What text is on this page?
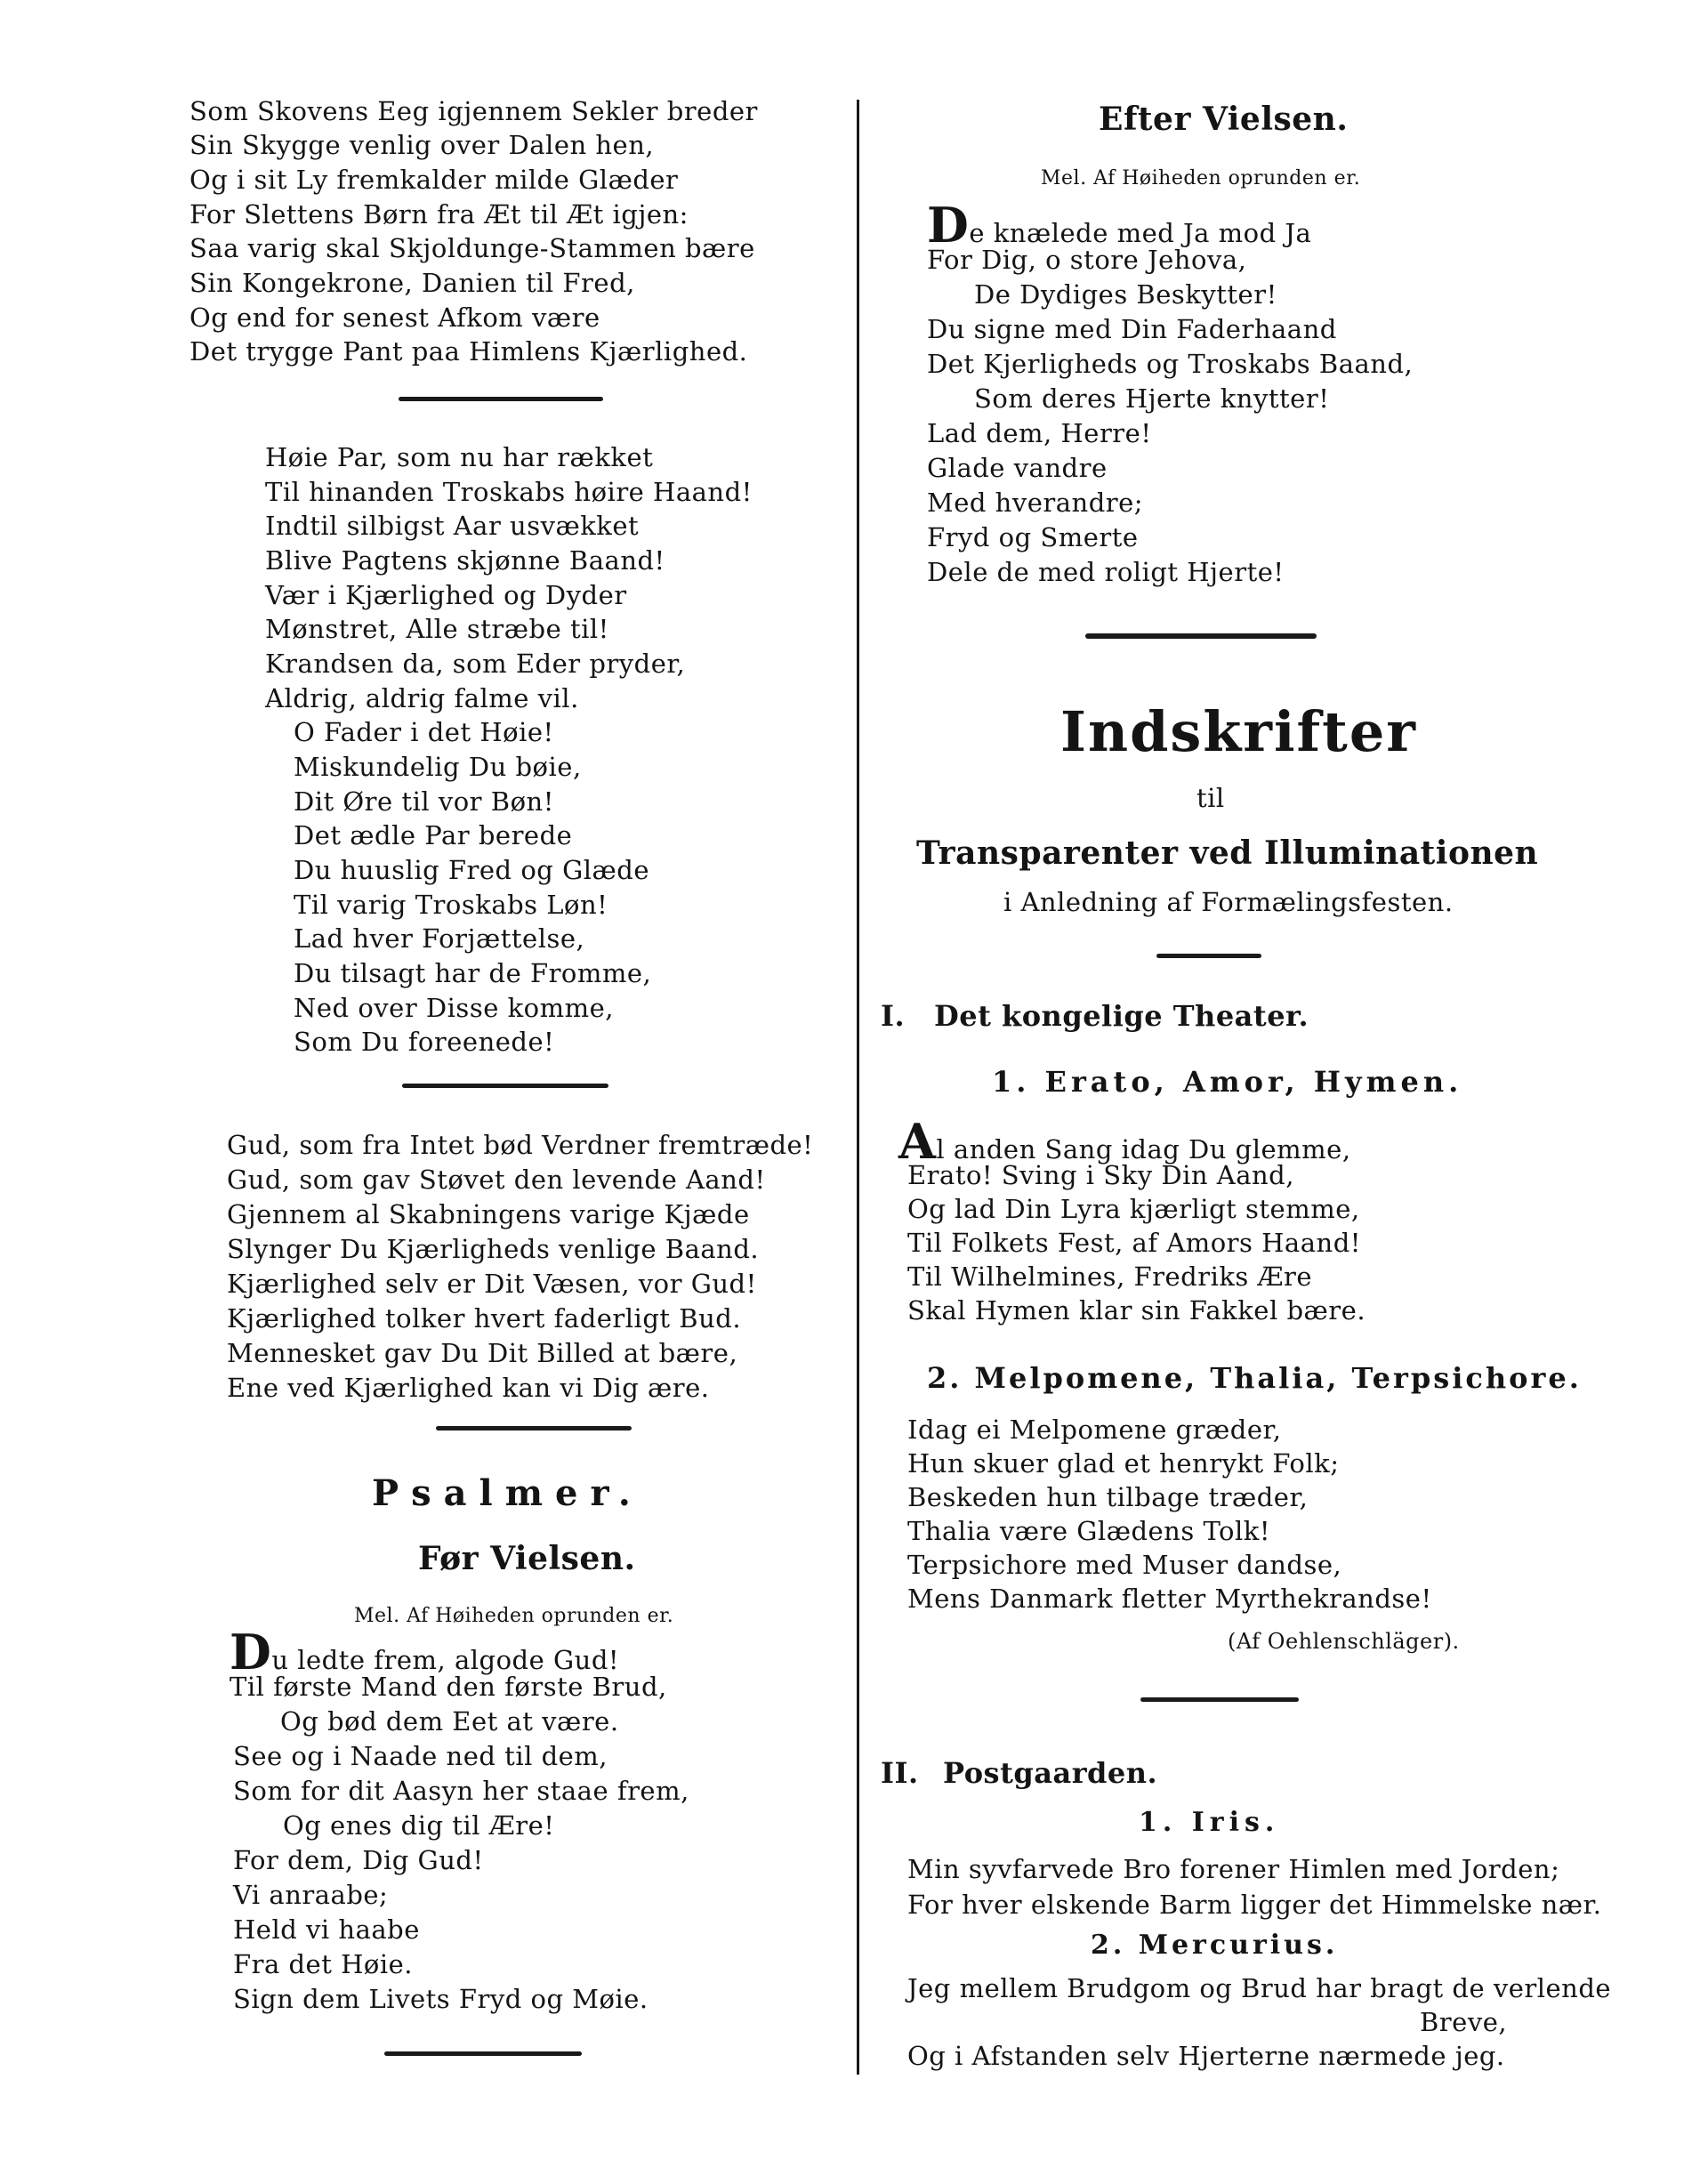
Som Skovens Eeg igjennem Sekler breder
Sin Skygge venlig over Dalen hen,
Og i sit Ly fremkalder milde Glæder
For Slettens Børn fra Æt til Æt igjen:
Saa varig skal Skjoldunge-Stammen bære
Sin Kongekrone, Danien til Fred,
Og end for senest Afkom være
Det trygge Pant paa Himlens Kjærlighed.
Høie Par, som nu har rækket
Til hinanden Troskabs høire Haand!
Indtil silbigst Aar usvækket
Blive Pagtens skjønne Baand!
Vær i Kjærlighed og Dyder
Mønstret, Alle stræbe til!
Krandsen da, som Eder pryder,
Aldrig, aldrig falme vil.
O Fader i det Høie!
Miskundelig Du bøie,
Dit Øre til vor Bøn!
Det ædle Par berede
Du huuslig Fred og Glæde
Til varig Troskabs Løn!
Lad hver Forjættelse,
Du tilsagt har de Fromme,
Ned over Disse komme,
Som Du foreenede!
Gud, som fra Intet bød Verdner fremtræde!
Gud, som gav Støvet den levende Aand!
Gjennem al Skabningens varige Kjæde
Slynger Du Kjærligheds venlige Baand.
Kjærlighed selv er Dit Væsen, vor Gud!
Kjærlighed tolker hvert faderligt Bud.
Mennesket gav Du Dit Billed at bære,
Ene ved Kjærlighed kan vi Dig ære.
Psalmer.
Før Vielsen.
Mel. Af Høiheden oprunden er.
Du ledte frem, algode Gud!
Til første Mand den første Brud,
Og bød dem Eet at være.
See og i Naade ned til dem,
Som for dit Aasyn her staae frem,
Og enes dig til Ære!
For dem, Dig Gud!
Vi anraabe;
Held vi haabe
Fra det Høie.
Sign dem Livets Fryd og Møie.
Efter Vielsen.
Mel. Af Høiheden oprunden er.
De knælede med Ja mod Ja
For Dig, o store Jehova,
De Dydiges Beskytter!
Du signe med Din Faderhaand
Det Kjerligheds og Troskabs Baand,
Som deres Hjerte knytter!
Lad dem, Herre!
Glade vandre
Med hverandre;
Fryd og Smerte
Dele de med roligt Hjerte!
Indskrifter
til
Transparenter ved Illuminationen
i Anledning af Formælingsfesten.
I. Det kongelige Theater.
1. Erato, Amor, Hymen.
Al anden Sang idag Du glemme,
Erato! Sving i Sky Din Aand,
Og lad Din Lyra kjærligt stemme,
Til Folkets Fest, af Amors Haand!
Til Wilhelmines, Fredriks Ære
Skal Hymen klar sin Fakkel bære.
2. Melpomene, Thalia, Terpsichore.
Idag ei Melpomene græder,
Hun skuer glad et henrykt Folk;
Beskeden hun tilbage træder,
Thalia være Glædens Tolk!
Terpsichore med Muser dandse,
Mens Danmark fletter Myrthekrandse!
(Af Oehlenschläger).
II. Postgaarden.
1. Iris.
Min syvfarvede Bro forener Himlen med Jorden;
For hver elskende Barm ligger det Himmelske nær.
2. Mercurius.
Jeg mellem Brudgom og Brud har bragt de verlende
Breve,
Og i Afstanden selv Hjerterne nærmede jeg.
